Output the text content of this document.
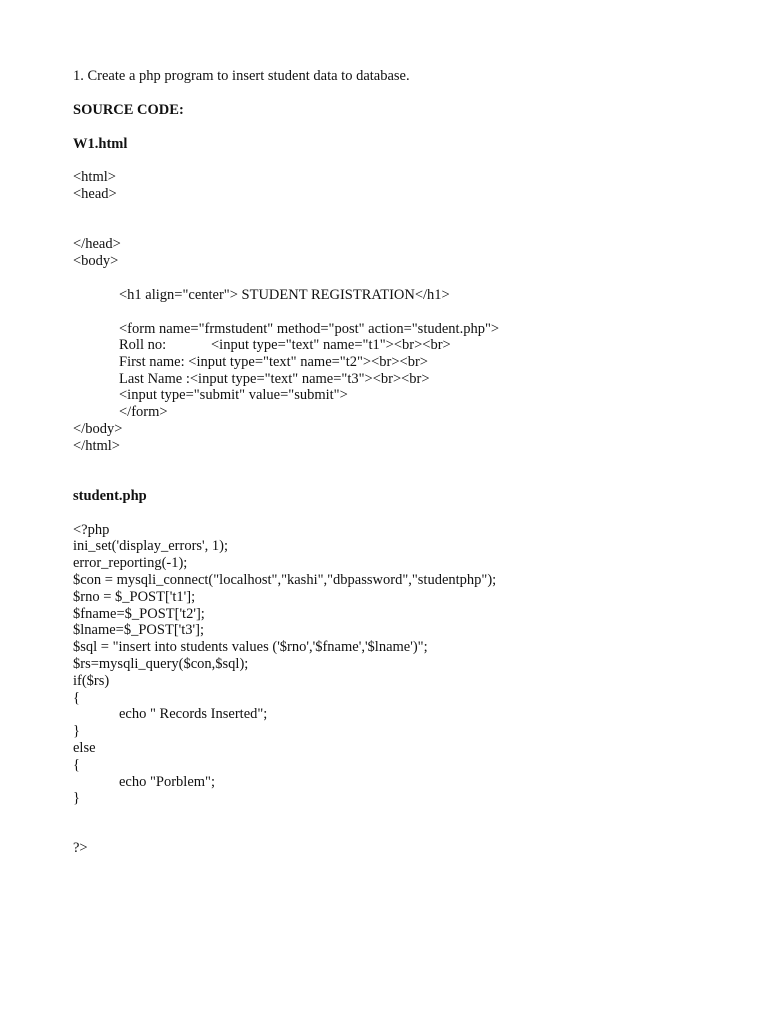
1. Create a php program to insert student data to database.
SOURCE CODE:
W1.html
<html>
<head>
</head>
<body>
<h1 align="center"> STUDENT REGISTRATION</h1>
<form name="frmstudent" method="post" action="student.php">
Roll no:	<input type="text" name="t1"><br><br>
First name: <input type="text" name="t2"><br><br>
Last Name :<input type="text" name="t3"><br><br>
<input type="submit" value="submit">
</form>
</body>
</html>
student.php
<?php
ini_set('display_errors', 1);
error_reporting(-1);
$con = mysqli_connect("localhost","kashi","dbpassword","studentphp");
$rno = $_POST['t1'];
$fname=$_POST['t2'];
$lname=$_POST['t3'];
$sql = "insert into students values ('$rno','$fname','$lname')";
$rs=mysqli_query($con,$sql);
if($rs)
{
echo " Records Inserted";
}
else
{
echo "Porblem";
}
?>
